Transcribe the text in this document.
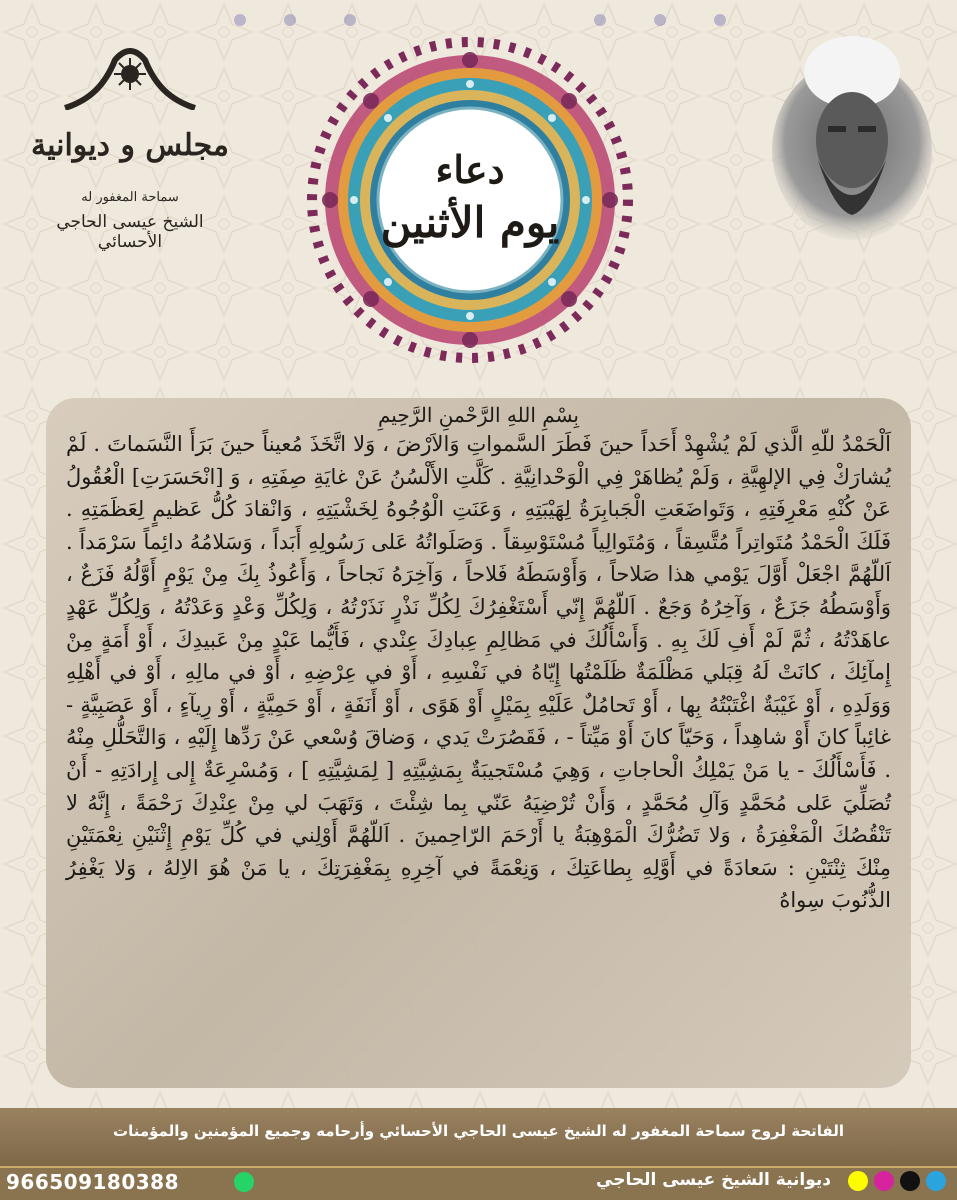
مجلس و ديوانية
سماحة المغفور له
الشيخ عيسى الحاجي الأحسائي
دعاء
يوم الأثنين

بِسْمِ اللهِ الرَّحْمنِ الرَّحِيمِ

اَلْحَمْدُ للّهِ الَّذي لَمْ يُشْهِدْ أَحَداً حينَ فَطَرَ السَّمواتِ وَالاَرْضَ ، وَلا اتَّخَذَ مُعيناً حينَ بَرَأَ النَّسَماتَ . لَمْ يُشارَكْ فِي الإلهِيَّةِ ، وَلَمْ يُظاهَرْ فِي الْوَحْدانِيَّةِ . كَلَّتِ الأَلْسُنُ عَنْ غايَةِ صِفَتِهِ ، وَ [انْحَسَرَتِ] الْعُقُولُ عَنْ كُنْهِ مَعْرِفَتِهِ ، وَتَواضَعَتِ الْجَبابِرَةُ لِهَيْبَتِهِ ، وَعَنَتِ الْوُجُوهُ لِخَشْيَتِهِ ، وَانْقادَ كُلُّ عَظيمٍ لِعَظَمَتِهِ . فَلَكَ الْحَمْدُ مُتَواتِراً مُتَّسِقاً ، وَمُتَوالِياً مُسْتَوْسِقاً . وَصَلَواتُهُ عَلى رَسُولِهِ أَبَداً ، وَسَلامُهُ دائِماً سَرْمَداً . اَللّهُمَّ اجْعَلْ أَوَّلَ يَوْمي هذا صَلاحاً ، وَأَوْسَطَهُ فَلاحاً ، وَآخِرَهُ نَجاحاً ، وَأَعُوذُ بِكَ مِنْ يَوْمٍ أَوَّلُهُ فَزَعٌ ، وَأَوْسَطُهُ جَزَعٌ ، وَآخِرُهُ وَجَعٌ . اَللّهُمَّ إِنّي أَسْتَغْفِرُكَ لِكُلِّ نَذْرٍ نَذَرْتُهُ ، وَلِكُلِّ وَعْدٍ وَعَدْتُهُ ، وَلِكُلِّ عَهْدٍ عاهَدْتُهُ ، ثُمَّ لَمْ أَفِ لَكَ بِهِ . وَأَسْأَلُكَ في مَظالِمِ عِبادِكَ عِنْدي ، فَأَيُّما عَبْدٍ مِنْ عَبيدِكَ ، أَوْ أَمَةٍ مِنْ إِمآئِكَ ، كانَتْ لَهُ قِبَلي مَظْلَمَةٌ ظَلَمْتُها إِيّاهُ في نَفْسِهِ ، أَوْ في عِرْضِهِ ، أَوْ في مالِهِ ، أَوْ في أَهْلِهِ وَوَلَدِهِ ، أَوْ غَيْبَةٌ اغْتَبْتُهُ بِها ، أَوْ تَحامُلٌ عَلَيْهِ بِمَيْلٍ أَوْ هَوًى ، أَوْ أَنَفَةٍ ، أَوْ حَمِيَّةٍ ، أَوْ رِيآءٍ ، أَوْ عَصَبِيَّةٍ - غائِباً كانَ أَوْ شاهِداً ، وَحَيّاً كانَ أَوْ مَيِّتاً - ، فَقَصُرَتْ يَدي ، وَضاقَ وُسْعي عَنْ رَدِّها إِلَيْهِ ، وَالتَّحَلُّلِ مِنْهُ . فَأَسْأَلُكَ - يا مَنْ يَمْلِكُ الْحاجاتِ ، وَهِيَ مُسْتَجيبَةٌ بِمَشِيَّتِهِ [ لِمَشِيَّتِهِ ] ، وَمُسْرِعَةٌ إِلى إِرادَتِهِ - أَنْ تُصَلِّيَ عَلى مُحَمَّدٍ وَآلِ مُحَمَّدٍ ، وَأَنْ تُرْضِيَهُ عَنّي بِما شِئْتَ ، وَتَهَبَ لي مِنْ عِنْدِكَ رَحْمَةً ، إِنَّهُ لا تَنْقُصُكَ الْمَغْفِرَةُ ، وَلا تَضُرُّكَ الْمَوْهِبَةُ يا أَرْحَمَ الرّاحِمينَ . اَللّهُمَّ أَوْلِني في كُلِّ يَوْمِ إِثْنَيْنِ نِعْمَتَيْنِ مِنْكَ ثِنْتَيْنِ : سَعادَةً في أَوَّلِهِ بِطاعَتِكَ ، وَنِعْمَةً في آخِرِهِ بِمَغْفِرَتِكَ ، يا مَنْ هُوَ الاِلهُ ، وَلا يَغْفِرُ الذُّنُوبَ سِواهُ

الفاتحة لروح سماحة المغفور له الشيخ عيسى الحاجي الأحسائي وأرحامه وجميع المؤمنين والمؤمنات
966509180388	ديوانية الشيخ عيسى الحاجي
